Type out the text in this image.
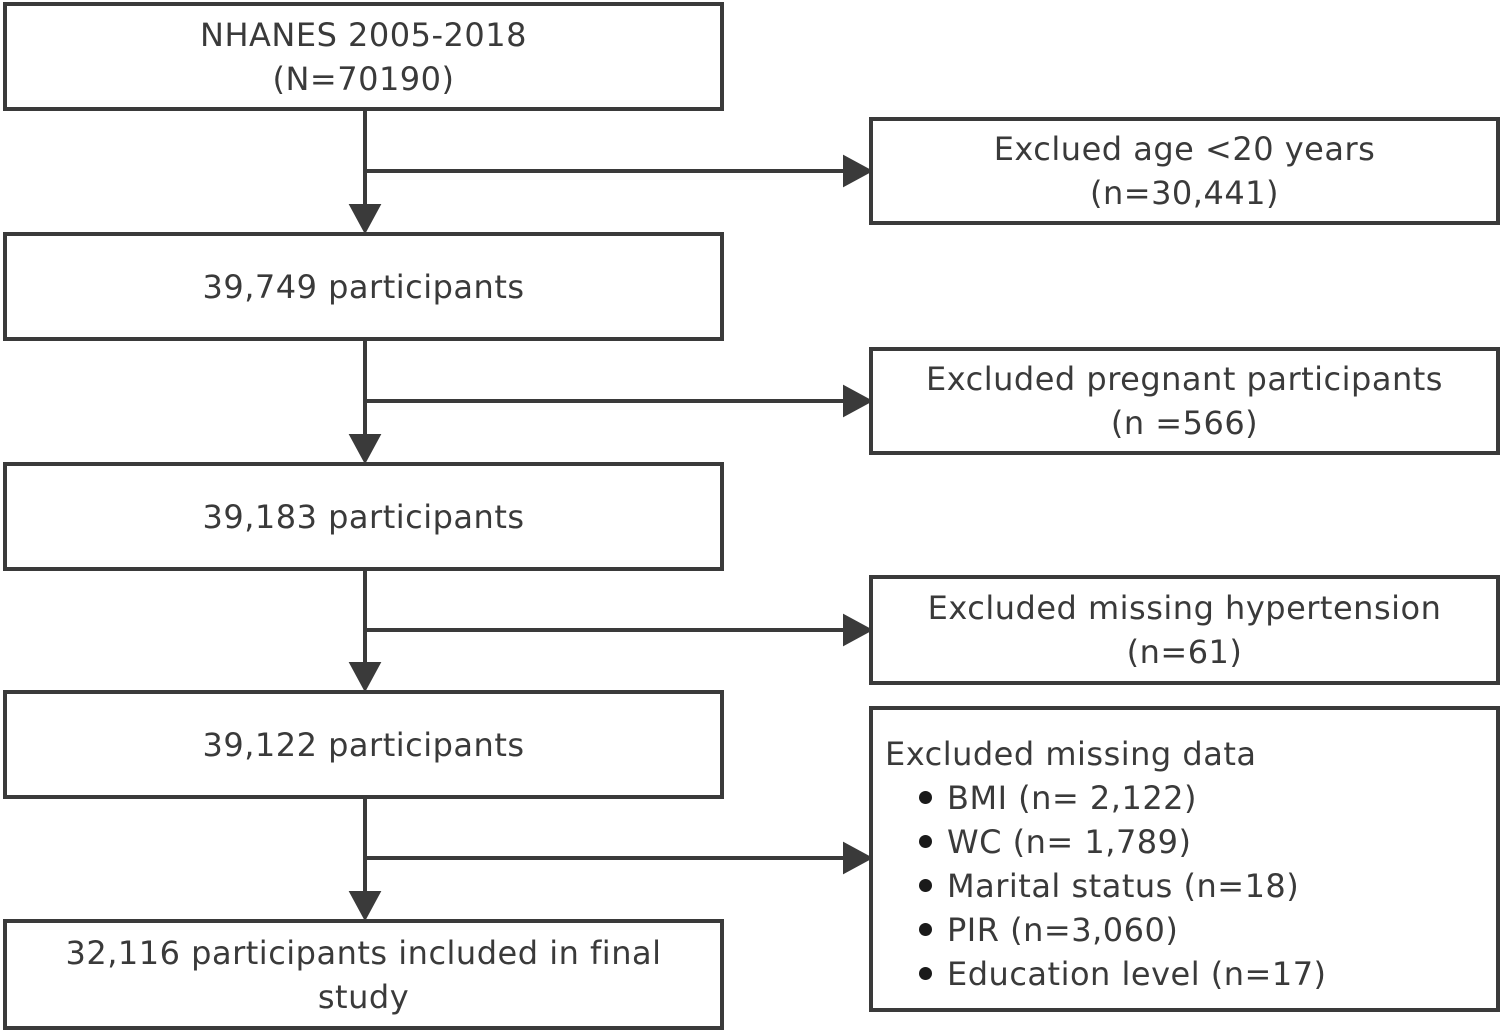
NHANES 2005-2018
(N=70190)
39,749 participants
39,183 participants
39,122 participants
32,116 participants included in final
study
Exclued age <20 years
(n=30,441)
Excluded pregnant participants
(n =566)
Excluded missing hypertension
(n=61)
Excluded missing data
BMI (n= 2,122)
WC (n= 1,789)
Marital status (n=18)
PIR (n=3,060)
Education level (n=17)
